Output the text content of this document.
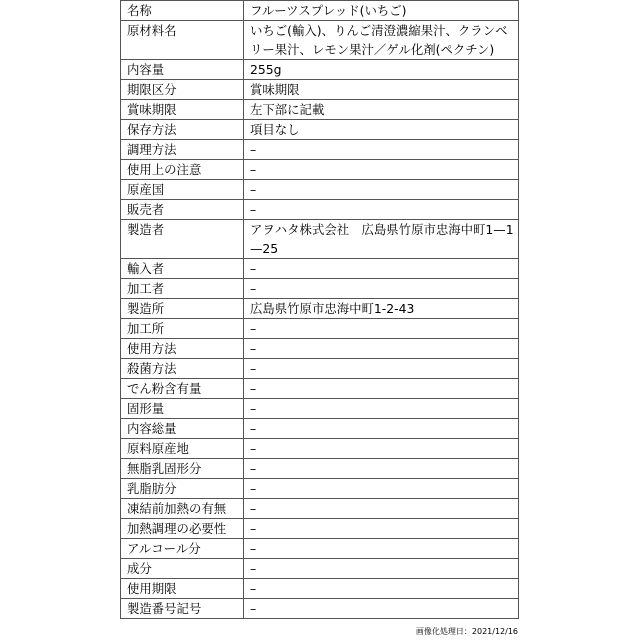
名称	フルーツスプレッド(いちご)
原材料名	いちご(輸入)、りんご清澄濃縮果汁、クランベリー果汁、レモン果汁／ゲル化剤(ペクチン)
内容量	255g
期限区分	賞味期限
賞味期限	左下部に記載
保存方法	項目なし
調理方法	–
使用上の注意	–
原産国	–
販売者	–
製造者	アヲハタ株式会社　広島県竹原市忠海中町1—1—25
輸入者	–
加工者	–
製造所	広島県竹原市忠海中町1-2-43
加工所	–
使用方法	–
殺菌方法	–
でん粉含有量	–
固形量	–
内容総量	–
原料原産地	–
無脂乳固形分	–
乳脂肪分	–
凍結前加熱の有無	–
加熱調理の必要性	–
アルコール分	–
成分	–
使用期限	–
製造番号記号	–
画像化処理日：2021/12/16
